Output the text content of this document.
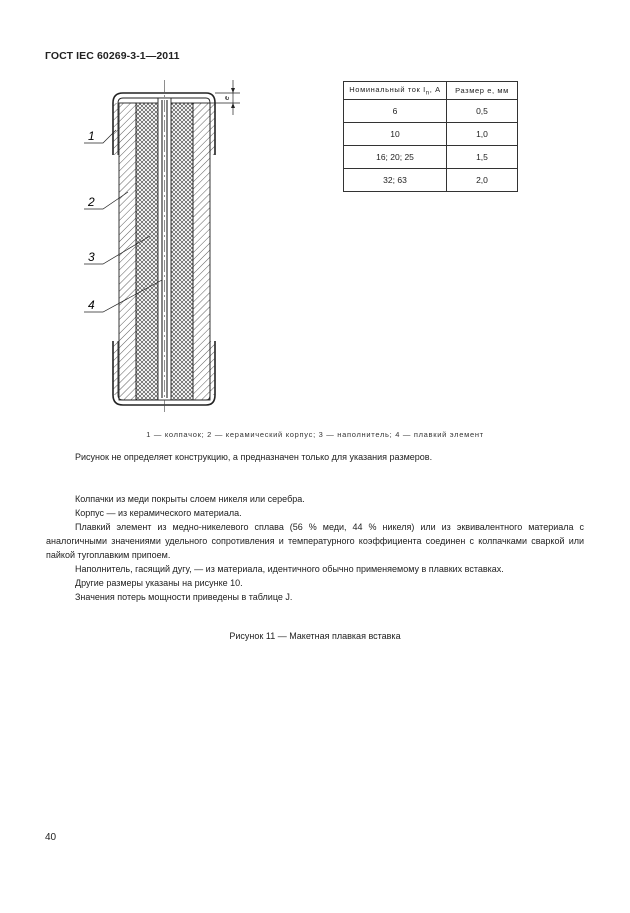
ГОСТ IEC 60269-3-1—2011
e
1
2
3
4
Номинальный ток $I_n$, А	Размер e, мм
6	0,5
10	1,0
16; 20; 25	1,5
32; 63	2,0
1 — колпачок; 2 — керамический корпус; 3 — наполнитель; 4 — плавкий элемент
Рисунок не определяет конструкцию, а предназначен только для указания размеров.
Колпачки из меди покрыты слоем никеля или серебра.
Корпус — из керамического материала.
Плавкий элемент из медно-никелевого сплава (56 % меди, 44 % никеля) или из эквивалентного материала с аналогичными значениями удельного сопротивления и температурного коэффициента соединен с колпачками сваркой или пайкой тугоплавким припоем.
Наполнитель, гасящий дугу, — из материала, идентичного обычно применяемому в плавких вставках.
Другие размеры указаны на рисунке 10.
Значения потерь мощности приведены в таблице J.
Рисунок 11 — Макетная плавкая вставка
40
